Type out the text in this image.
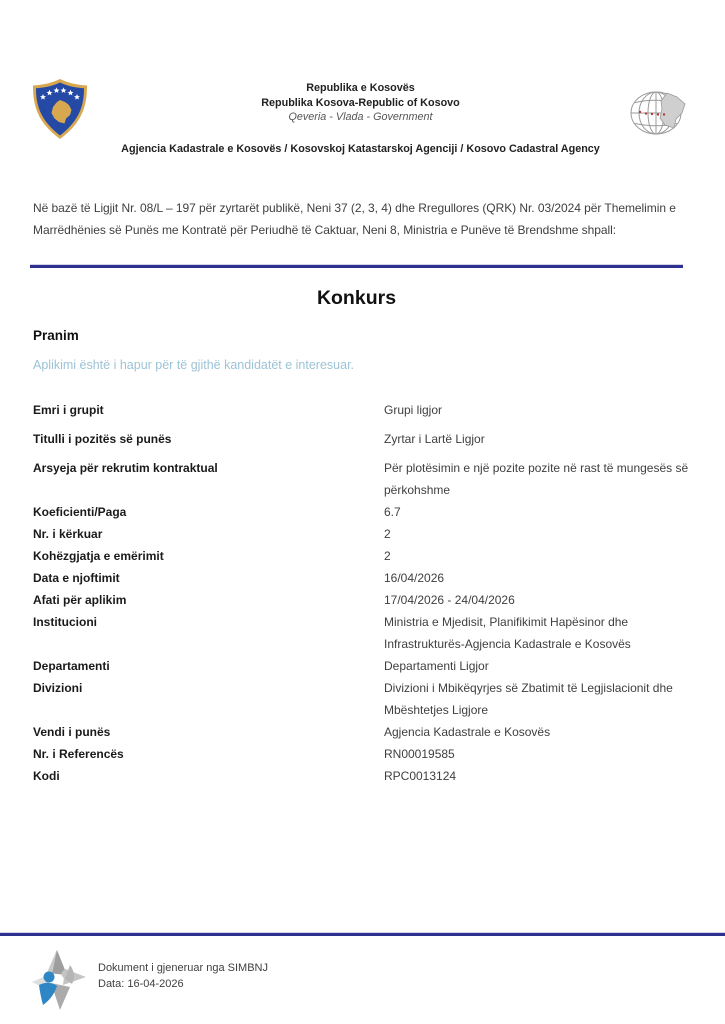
Republika e Kosovës
Republika Kosova-Republic of Kosovo
Qeveria - Vlada - Government
Agjencia Kadastrale e Kosovës / Kosovskoj Katastarskoj Agenciji / Kosovo Cadastral Agency
Në bazë të Ligjit Nr. 08/L – 197 për zyrtarët publikë, Neni 37 (2, 3, 4) dhe Rregullores (QRK) Nr. 03/2024 për Themelimin e Marrëdhënies së Punës me Kontratë për Periudhë të Caktuar, Neni 8, Ministria e Punëve të Brendshme shpall:
Konkurs
Pranim
Aplikimi është i hapur për të gjithë kandidatët e interesuar.
Emri i grupit	Grupi ligjor
Titulli i pozitës së punës	Zyrtar i Lartë Ligjor
Arsyeja për rekrutim kontraktual	Për plotësimin e një pozite pozite në rast të mungesës së përkohshme
Koeficienti/Paga	6.7
Nr. i kërkuar	2
Kohëzgjatja e emërimit	2
Data e njoftimit	16/04/2026
Afati për aplikim	17/04/2026 - 24/04/2026
Institucioni	Ministria e Mjedisit, Planifikimit Hapësinor dhe Infrastrukturës-Agjencia Kadastrale e Kosovës
Departamenti	Departamenti Ligjor
Divizioni	Divizioni i Mbikëqyrjes së Zbatimit të Legjislacionit dhe Mbështetjes Ligjore
Vendi i punës	Agjencia Kadastrale e Kosovës
Nr. i Referencës	RN00019585
Kodi	RPC0013124
Dokument i gjeneruar nga SIMBNJ
Data: 16-04-2026
